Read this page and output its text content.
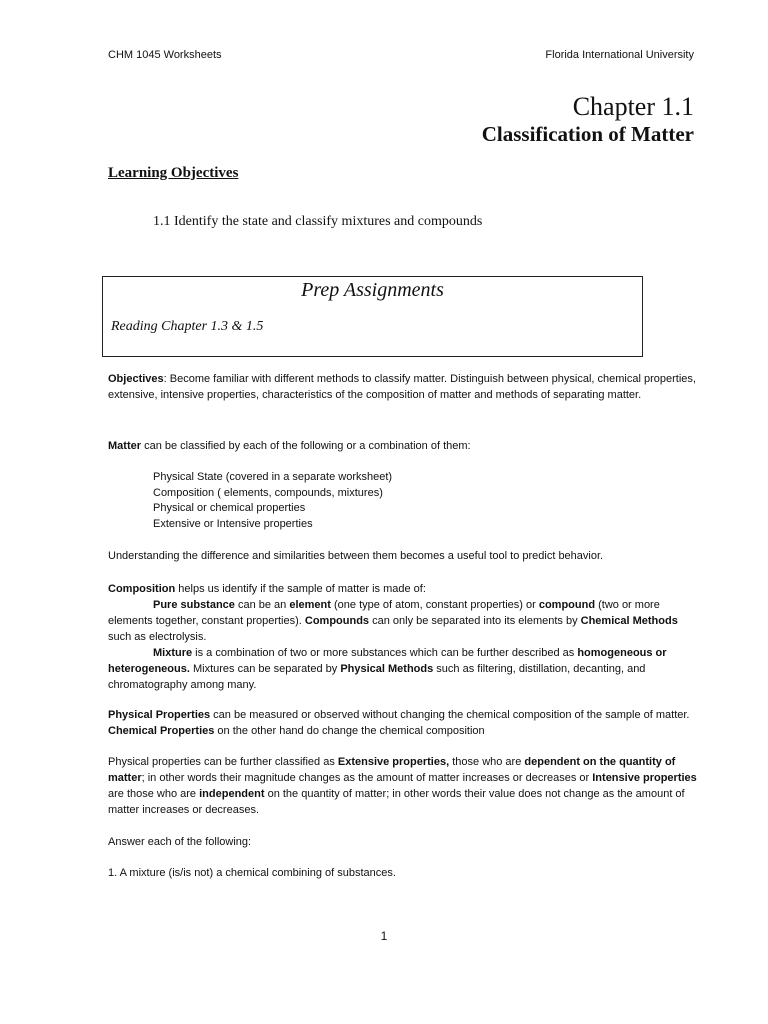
CHM 1045 Worksheets	Florida International University
Chapter 1.1
Classification of Matter
Learning Objectives
1.1 Identify the state and classify mixtures and compounds
Prep Assignments
Reading Chapter 1.3 & 1.5
Objectives: Become familiar with different methods to classify matter. Distinguish between physical, chemical properties, extensive, intensive properties, characteristics of the composition of matter and methods of separating matter.
Matter can be classified by each of the following or a combination of them:
Physical State (covered in a separate worksheet)
Composition ( elements, compounds, mixtures)
Physical or chemical properties
Extensive or Intensive properties
Understanding the difference and similarities between them becomes a useful tool to predict behavior.
Composition helps us identify if the sample of matter is made of:
Pure substance can be an element (one type of atom, constant properties) or compound (two or more elements together, constant properties). Compounds can only be separated into its elements by Chemical Methods such as electrolysis.
Mixture is a combination of two or more substances which can be further described as homogeneous or heterogeneous. Mixtures can be separated by Physical Methods such as filtering, distillation, decanting, and chromatography among many.
Physical Properties can be measured or observed without changing the chemical composition of the sample of matter. Chemical Properties on the other hand do change the chemical composition
Physical properties can be further classified as Extensive properties, those who are dependent on the quantity of matter; in other words their magnitude changes as the amount of matter increases or decreases or Intensive properties are those who are independent on the quantity of matter; in other words their value does not change as the amount of matter increases or decreases.
Answer each of the following:
1. A mixture (is/is not) a chemical combining of substances.
1
